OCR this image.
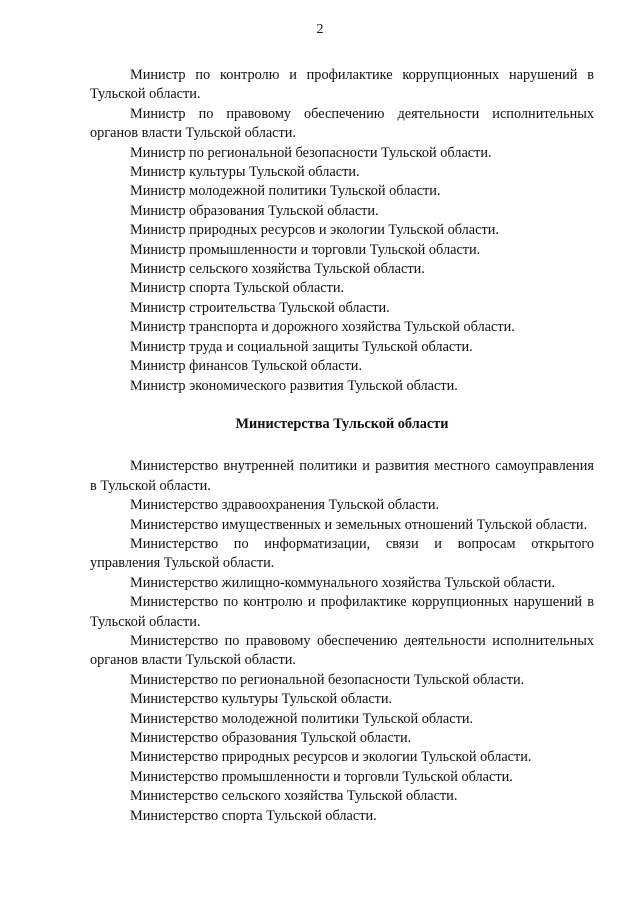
2

Министр по контролю и профилактике коррупционных нарушений в Тульской области.

Министр по правовому обеспечению деятельности исполнительных органов власти Тульской области.

Министр по региональной безопасности Тульской области.

Министр культуры Тульской области.

Министр молодежной политики Тульской области.

Министр образования Тульской области.

Министр природных ресурсов и экологии Тульской области.

Министр промышленности и торговли Тульской области.

Министр сельского хозяйства Тульской области.

Министр спорта Тульской области.

Министр строительства Тульской области.

Министр транспорта и дорожного хозяйства Тульской области.

Министр труда и социальной защиты Тульской области.

Министр финансов Тульской области.

Министр экономического развития Тульской области.

Министерства Тульской области

Министерство внутренней политики и развития местного самоуправления в Тульской области.

Министерство здравоохранения Тульской области.

Министерство имущественных и земельных отношений Тульской области.

Министерство по информатизации, связи и вопросам открытого управления Тульской области.

Министерство жилищно-коммунального хозяйства Тульской области.

Министерство по контролю и профилактике коррупционных нарушений в Тульской области.

Министерство по правовому обеспечению деятельности исполнительных органов власти Тульской области.

Министерство по региональной безопасности Тульской области.

Министерство культуры Тульской области.

Министерство молодежной политики Тульской области.

Министерство образования Тульской области.

Министерство природных ресурсов и экологии Тульской области.

Министерство промышленности и торговли Тульской области.

Министерство сельского хозяйства Тульской области.

Министерство спорта Тульской области.
